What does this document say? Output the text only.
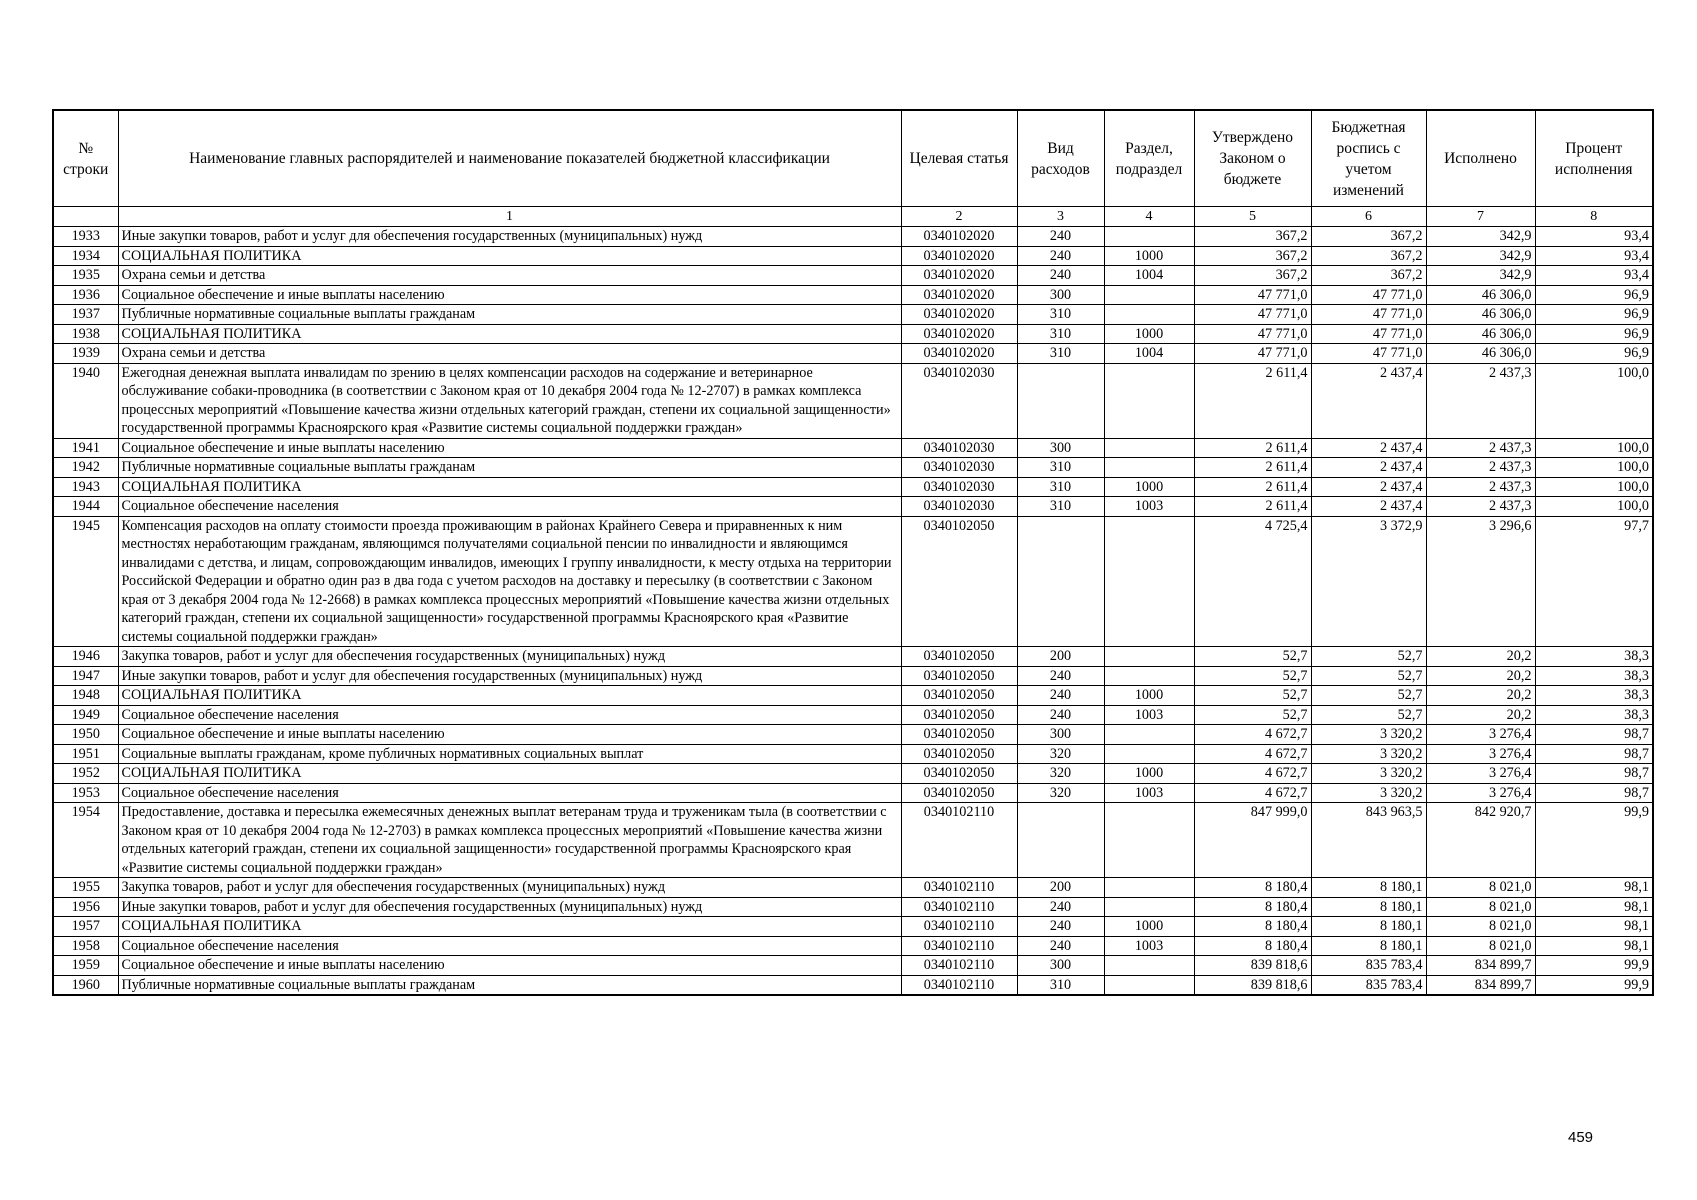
№ строки	Наименование главных распорядителей и наименование показателей бюджетной классификации	Целевая статья	Вид расходов	Раздел, подраздел	Утверждено Законом о бюджете	Бюджетная роспись с учетом изменений	Исполнено	Процент исполнения
	1	2	3	4	5	6	7	8
1933	Иные закупки товаров, работ и услуг для обеспечения государственных (муниципальных) нужд	0340102020	240		367,2	367,2	342,9	93,4
1934	СОЦИАЛЬНАЯ ПОЛИТИКА	0340102020	240	1000	367,2	367,2	342,9	93,4
1935	Охрана семьи и детства	0340102020	240	1004	367,2	367,2	342,9	93,4
1936	Социальное обеспечение и иные выплаты населению	0340102020	300		47 771,0	47 771,0	46 306,0	96,9
1937	Публичные нормативные социальные выплаты гражданам	0340102020	310		47 771,0	47 771,0	46 306,0	96,9
1938	СОЦИАЛЬНАЯ ПОЛИТИКА	0340102020	310	1000	47 771,0	47 771,0	46 306,0	96,9
1939	Охрана семьи и детства	0340102020	310	1004	47 771,0	47 771,0	46 306,0	96,9
1940	Ежегодная денежная выплата инвалидам по зрению в целях компенсации расходов на содержание и ветеринарное обслуживание собаки-проводника (в соответствии с Законом края от 10 декабря 2004 года № 12-2707) в рамках комплекса процессных мероприятий «Повышение качества жизни отдельных категорий граждан, степени их социальной защищенности» государственной программы Красноярского края «Развитие системы социальной поддержки граждан»	0340102030			2 611,4	2 437,4	2 437,3	100,0
1941	Социальное обеспечение и иные выплаты населению	0340102030	300		2 611,4	2 437,4	2 437,3	100,0
1942	Публичные нормативные социальные выплаты гражданам	0340102030	310		2 611,4	2 437,4	2 437,3	100,0
1943	СОЦИАЛЬНАЯ ПОЛИТИКА	0340102030	310	1000	2 611,4	2 437,4	2 437,3	100,0
1944	Социальное обеспечение населения	0340102030	310	1003	2 611,4	2 437,4	2 437,3	100,0
1945	Компенсация расходов на оплату стоимости проезда проживающим в районах Крайнего Севера и приравненных к ним местностях неработающим гражданам, являющимся получателями социальной пенсии по инвалидности и являющимся инвалидами с детства, и лицам, сопровождающим инвалидов, имеющих I группу инвалидности, к месту отдыха на территории Российской Федерации и обратно один раз в два года с учетом расходов на доставку и пересылку (в соответствии с Законом края от 3 декабря 2004 года № 12-2668) в рамках комплекса процессных мероприятий «Повышение качества жизни отдельных категорий граждан, степени их социальной защищенности» государственной программы Красноярского края «Развитие системы социальной поддержки граждан»	0340102050			4 725,4	3 372,9	3 296,6	97,7
1946	Закупка товаров, работ и услуг для обеспечения государственных (муниципальных) нужд	0340102050	200		52,7	52,7	20,2	38,3
1947	Иные закупки товаров, работ и услуг для обеспечения государственных (муниципальных) нужд	0340102050	240		52,7	52,7	20,2	38,3
1948	СОЦИАЛЬНАЯ ПОЛИТИКА	0340102050	240	1000	52,7	52,7	20,2	38,3
1949	Социальное обеспечение населения	0340102050	240	1003	52,7	52,7	20,2	38,3
1950	Социальное обеспечение и иные выплаты населению	0340102050	300		4 672,7	3 320,2	3 276,4	98,7
1951	Социальные выплаты гражданам, кроме публичных нормативных социальных выплат	0340102050	320		4 672,7	3 320,2	3 276,4	98,7
1952	СОЦИАЛЬНАЯ ПОЛИТИКА	0340102050	320	1000	4 672,7	3 320,2	3 276,4	98,7
1953	Социальное обеспечение населения	0340102050	320	1003	4 672,7	3 320,2	3 276,4	98,7
1954	Предоставление, доставка и пересылка ежемесячных денежных выплат ветеранам труда и труженикам тыла (в соответствии с Законом края от 10 декабря 2004 года № 12-2703) в рамках комплекса процессных мероприятий «Повышение качества жизни отдельных категорий граждан, степени их социальной защищенности» государственной программы Красноярского края «Развитие системы социальной поддержки граждан»	0340102110			847 999,0	843 963,5	842 920,7	99,9
1955	Закупка товаров, работ и услуг для обеспечения государственных (муниципальных) нужд	0340102110	200		8 180,4	8 180,1	8 021,0	98,1
1956	Иные закупки товаров, работ и услуг для обеспечения государственных (муниципальных) нужд	0340102110	240		8 180,4	8 180,1	8 021,0	98,1
1957	СОЦИАЛЬНАЯ ПОЛИТИКА	0340102110	240	1000	8 180,4	8 180,1	8 021,0	98,1
1958	Социальное обеспечение населения	0340102110	240	1003	8 180,4	8 180,1	8 021,0	98,1
1959	Социальное обеспечение и иные выплаты населению	0340102110	300		839 818,6	835 783,4	834 899,7	99,9
1960	Публичные нормативные социальные выплаты гражданам	0340102110	310		839 818,6	835 783,4	834 899,7	99,9
459
